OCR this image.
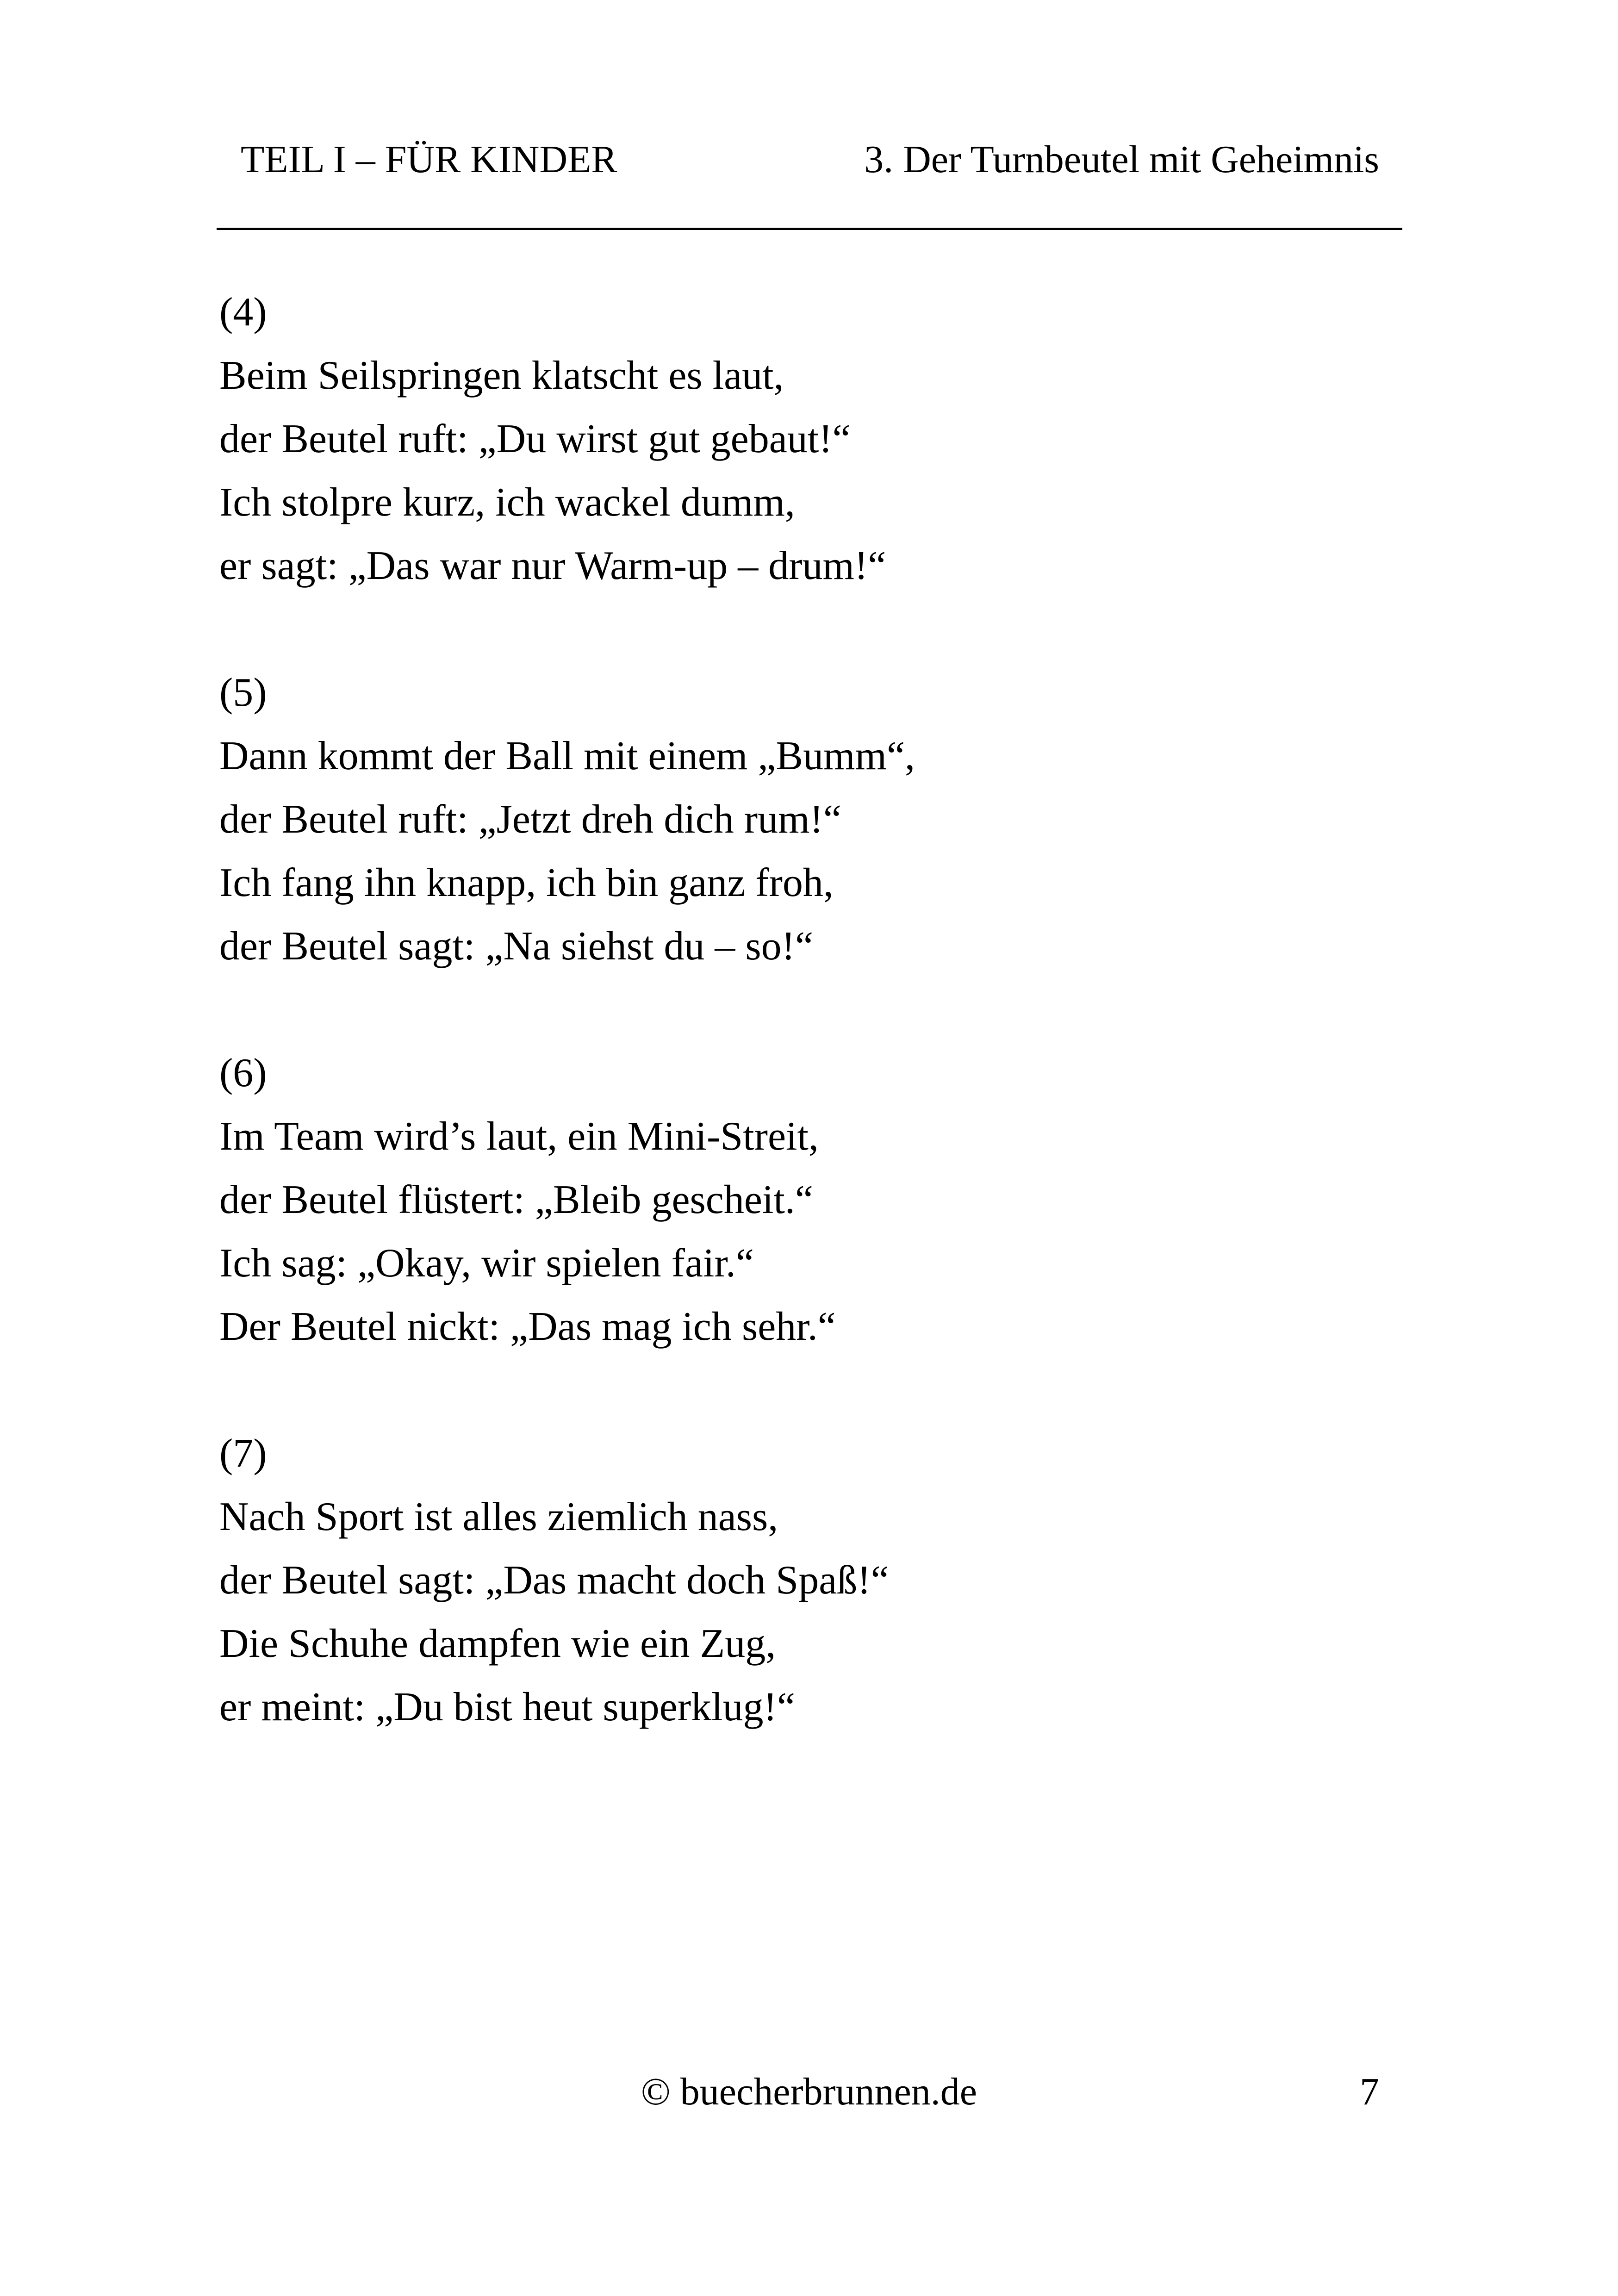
TEIL I – FÜR KINDER	3. Der Turnbeutel mit Geheimnis
(4)
Beim Seilspringen klatscht es laut,
der Beutel ruft: „Du wirst gut gebaut!“
Ich stolpre kurz, ich wackel dumm,
er sagt: „Das war nur Warm-up – drum!“
(5)
Dann kommt der Ball mit einem „Bumm“,
der Beutel ruft: „Jetzt dreh dich rum!“
Ich fang ihn knapp, ich bin ganz froh,
der Beutel sagt: „Na siehst du – so!“
(6)
Im Team wird’s laut, ein Mini-Streit,
der Beutel flüstert: „Bleib gescheit.“
Ich sag: „Okay, wir spielen fair.“
Der Beutel nickt: „Das mag ich sehr.“
(7)
Nach Sport ist alles ziemlich nass,
der Beutel sagt: „Das macht doch Spaß!“
Die Schuhe dampfen wie ein Zug,
er meint: „Du bist heut superklug!“
© buecherbrunnen.de	7
